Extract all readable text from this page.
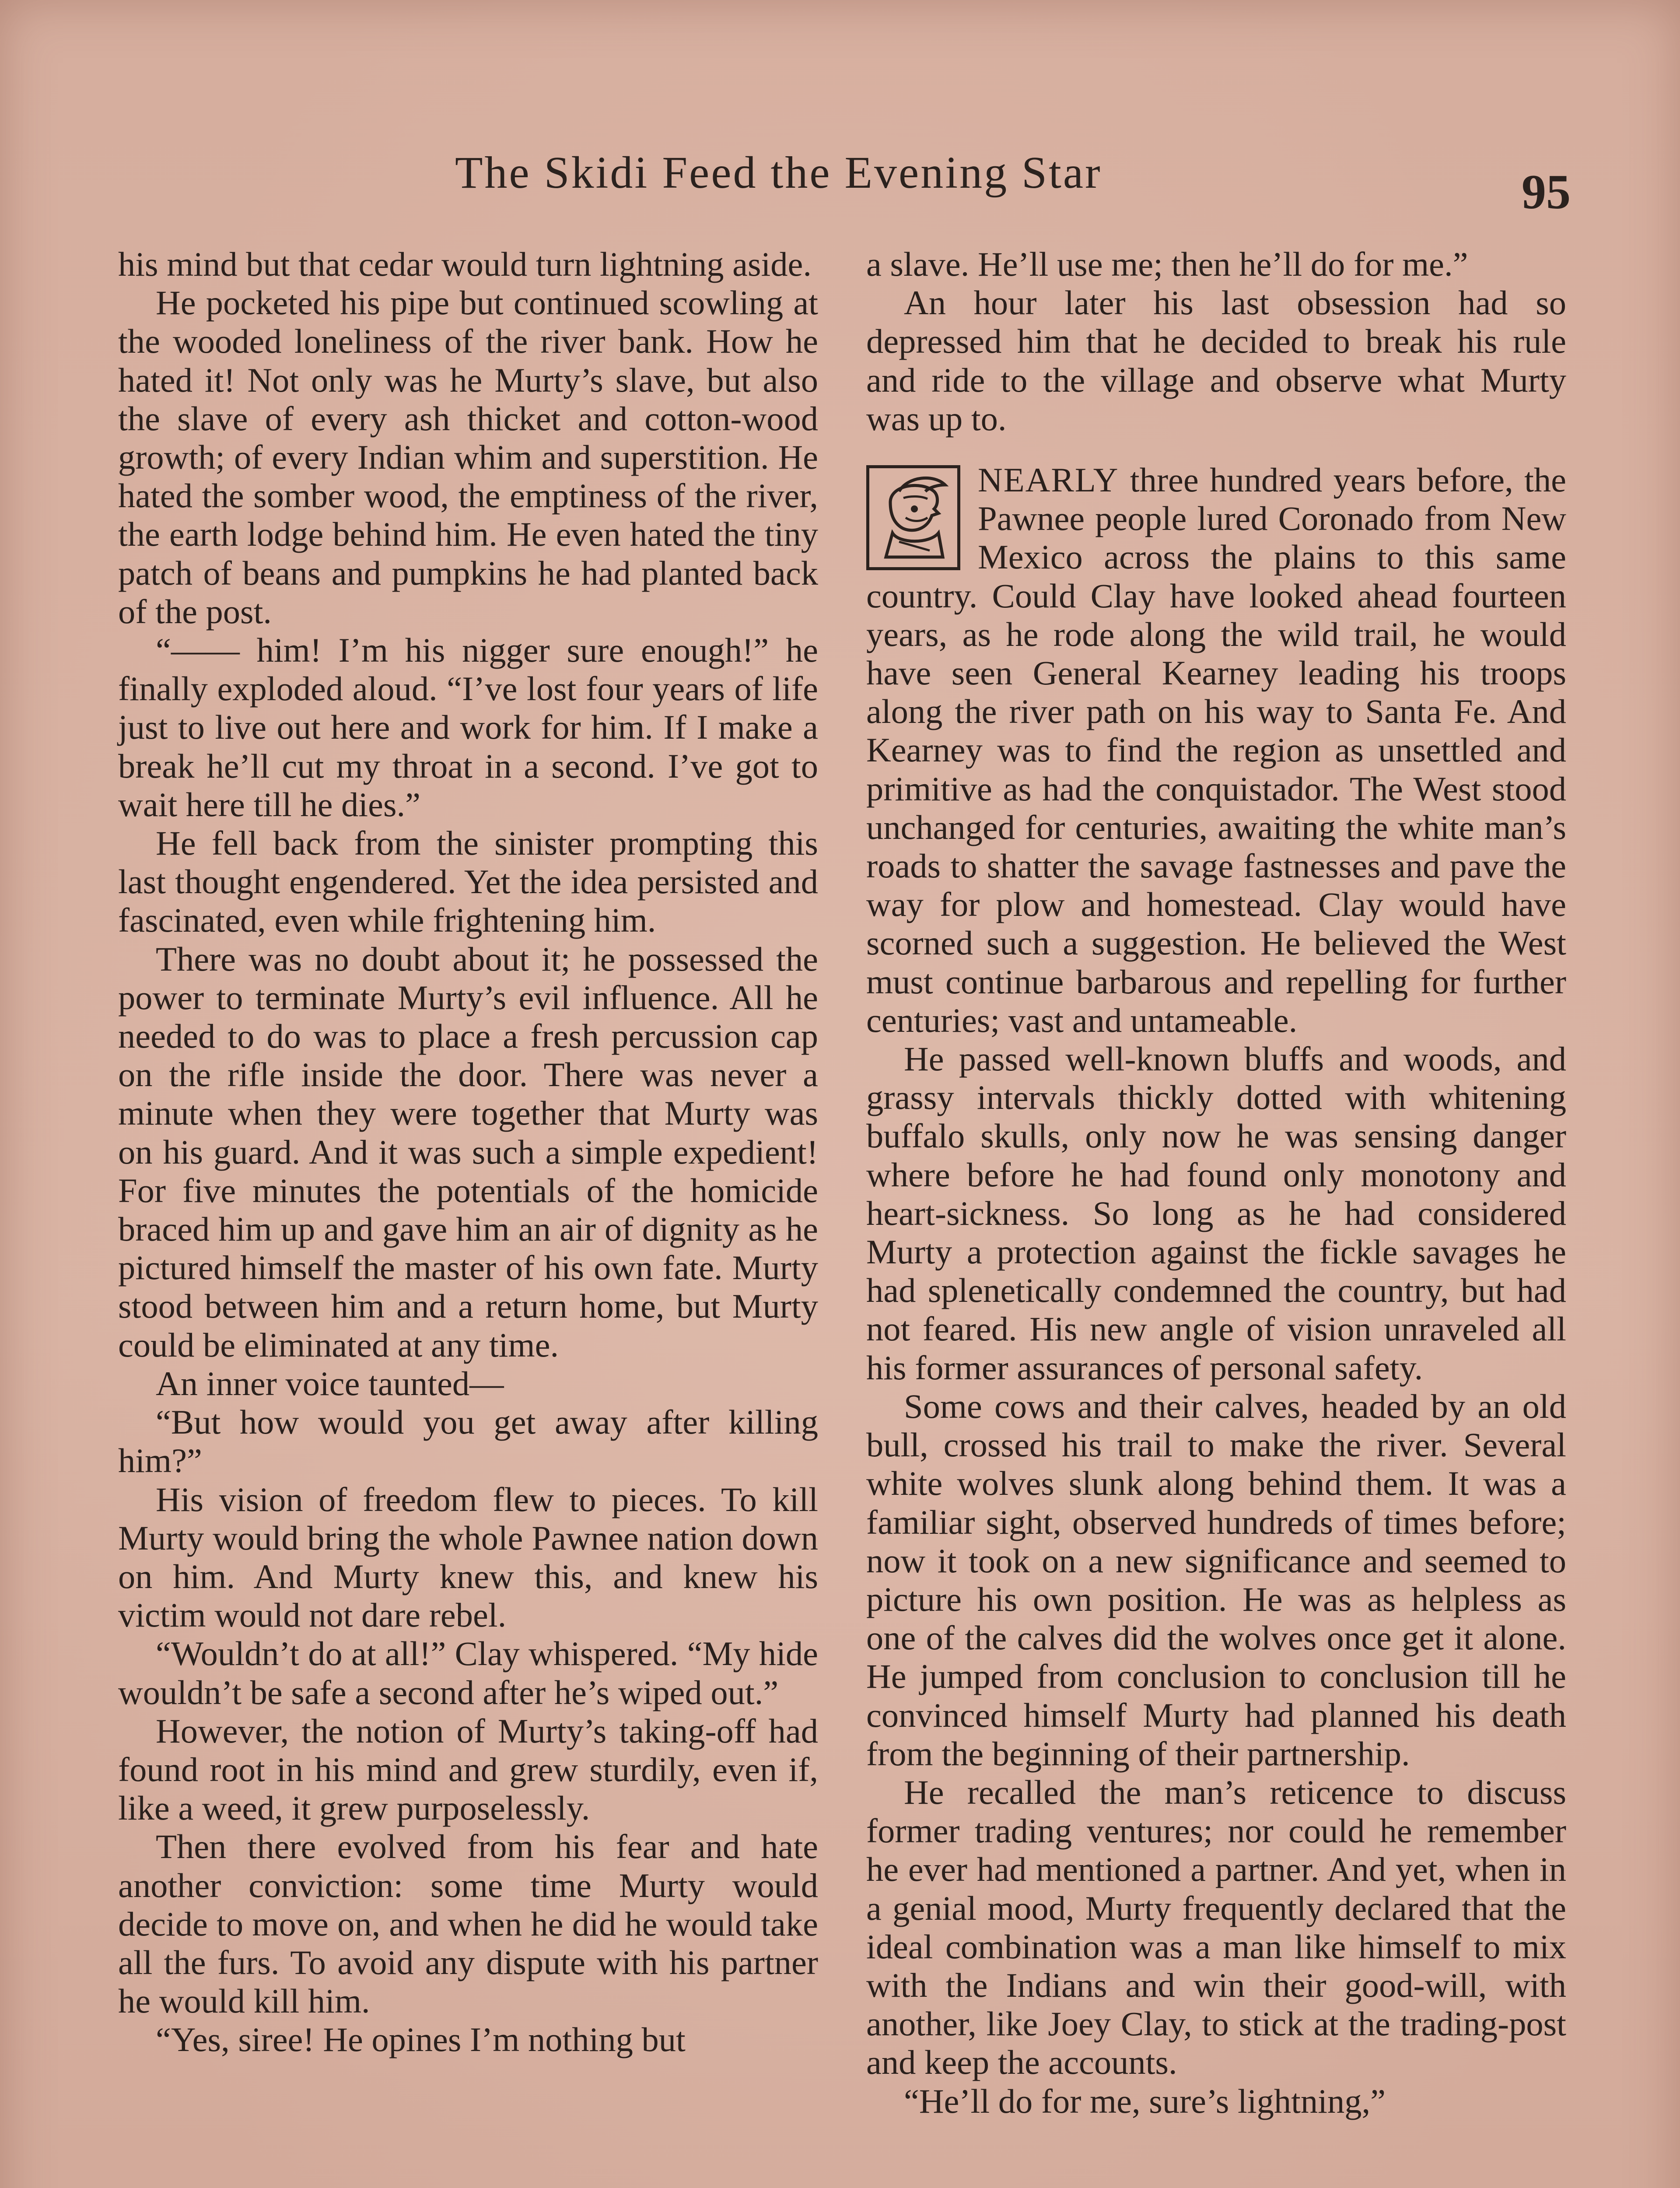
The Skidi Feed the Evening Star	95

his mind but that cedar would turn lightning aside.

He pocketed his pipe but continued scowling at the wooded loneliness of the river bank. How he hated it! Not only was he Murty’s slave, but also the slave of every ash thicket and cotton-wood growth; of every Indian whim and superstition. He hated the somber wood, the emptiness of the river, the earth lodge behind him. He even hated the tiny patch of beans and pumpkins he had planted back of the post.

“—— him! I’m his nigger sure enough!” he finally exploded aloud. “I’ve lost four years of life just to live out here and work for him. If I make a break he’ll cut my throat in a second. I’ve got to wait here till he dies.”

He fell back from the sinister prompting this last thought engendered. Yet the idea persisted and fascinated, even while frightening him.

There was no doubt about it; he possessed the power to terminate Murty’s evil influence. All he needed to do was to place a fresh percussion cap on the rifle inside the door. There was never a minute when they were together that Murty was on his guard. And it was such a simple expedient! For five minutes the potentials of the homicide braced him up and gave him an air of dignity as he pictured himself the master of his own fate. Murty stood between him and a return home, but Murty could be eliminated at any time.

An inner voice taunted—

“But how would you get away after killing him?”

His vision of freedom flew to pieces. To kill Murty would bring the whole Pawnee nation down on him. And Murty knew this, and knew his victim would not dare rebel.

“Wouldn’t do at all!” Clay whispered. “My hide wouldn’t be safe a second after he’s wiped out.”

However, the notion of Murty’s taking-off had found root in his mind and grew sturdily, even if, like a weed, it grew purposelessly.

Then there evolved from his fear and hate another conviction: some time Murty would decide to move on, and when he did he would take all the furs. To avoid any dispute with his partner he would kill him.

“Yes, siree! He opines I’m nothing but

a slave. He’ll use me; then he’ll do for me.”

An hour later his last obsession had so depressed him that he decided to break his rule and ride to the village and observe what Murty was up to.

NEARLY three hundred years before, the Pawnee people lured Coronado from New Mexico across the plains to this same country. Could Clay have looked ahead fourteen years, as he rode along the wild trail, he would have seen General Kearney leading his troops along the river path on his way to Santa Fe. And Kearney was to find the region as unsettled and primitive as had the conquistador. The West stood unchanged for centuries, awaiting the white man’s roads to shatter the savage fastnesses and pave the way for plow and homestead. Clay would have scorned such a suggestion. He believed the West must continue barbarous and repelling for further centuries; vast and untameable.

He passed well-known bluffs and woods, and grassy intervals thickly dotted with whitening buffalo skulls, only now he was sensing danger where before he had found only monotony and heart-sickness. So long as he had considered Murty a protection against the fickle savages he had splenetically condemned the country, but had not feared. His new angle of vision unraveled all his former assurances of personal safety.

Some cows and their calves, headed by an old bull, crossed his trail to make the river. Several white wolves slunk along behind them. It was a familiar sight, observed hundreds of times before; now it took on a new significance and seemed to picture his own position. He was as helpless as one of the calves did the wolves once get it alone. He jumped from conclusion to conclusion till he convinced himself Murty had planned his death from the beginning of their partnership.

He recalled the man’s reticence to discuss former trading ventures; nor could he remember he ever had mentioned a partner. And yet, when in a genial mood, Murty frequently declared that the ideal combination was a man like himself to mix with the Indians and win their good-will, with another, like Joey Clay, to stick at the trading-post and keep the accounts.

“He’ll do for me, sure’s lightning,”
